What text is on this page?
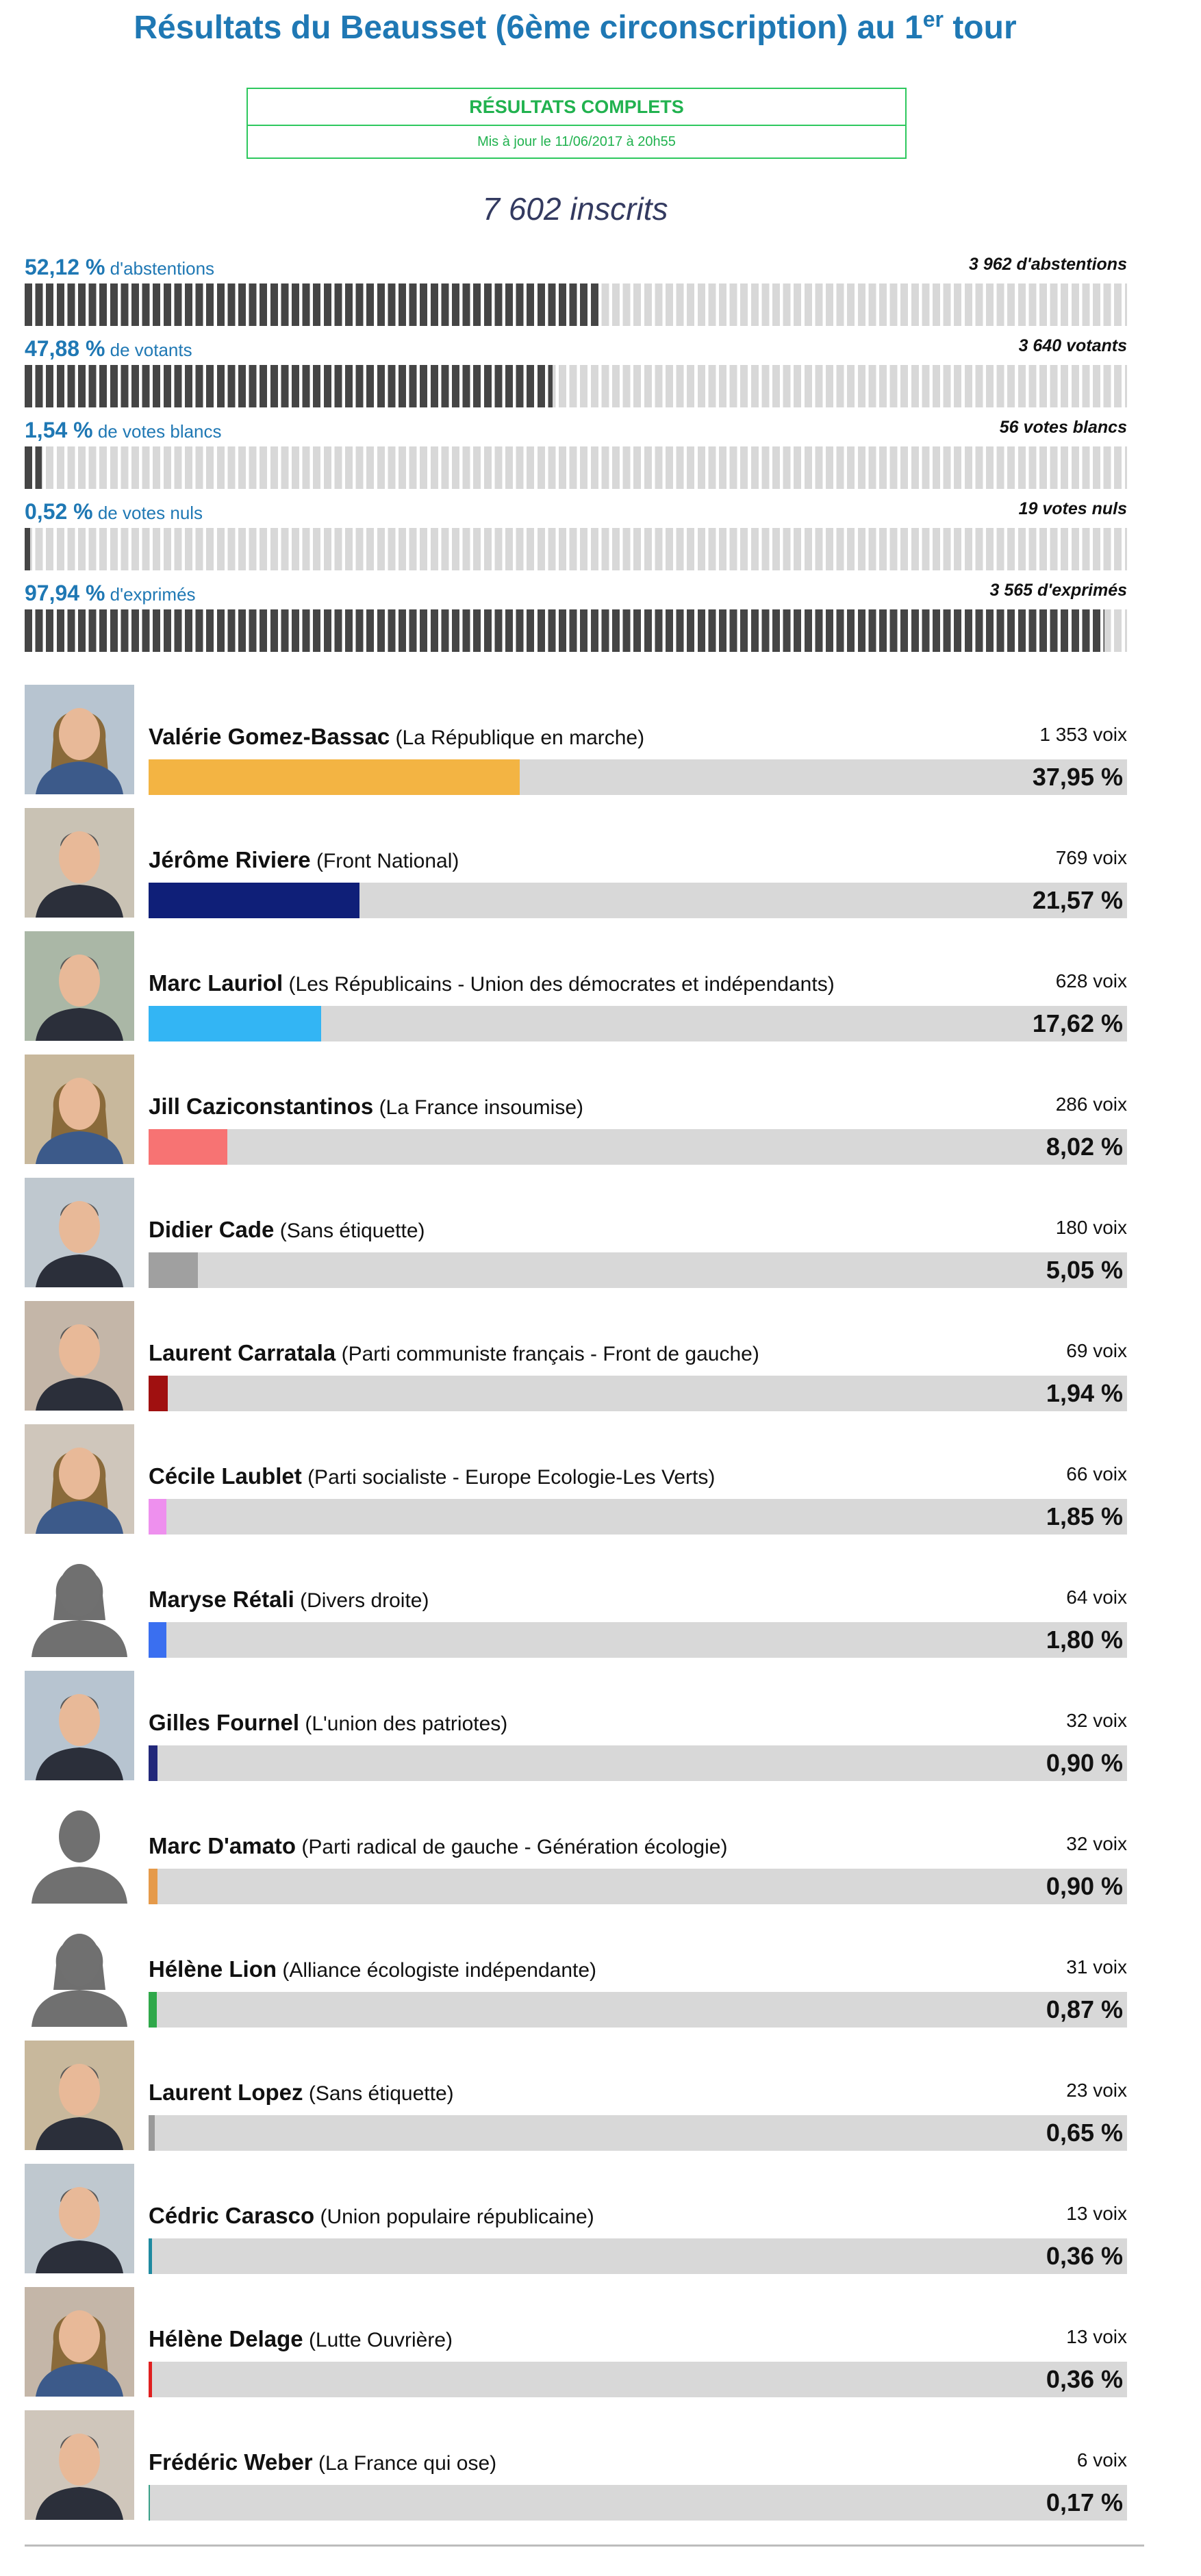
Résultats du Beausset (6ème circonscription) au 1er tour
RÉSULTATS COMPLETS
Mis à jour le 11/06/2017 à 20h55
7 602 inscrits
52,12 % d'abstentions	3 962 d'abstentions
47,88 % de votants	3 640 votants
1,54 % de votes blancs	56 votes blancs
0,52 % de votes nuls	19 votes nuls
97,94 % d'exprimés	3 565 d'exprimés
Valérie Gomez-Bassac (La République en marche)	1 353 voix
37,95 %
Jérôme Riviere (Front National)	769 voix
21,57 %
Marc Lauriol (Les Républicains - Union des démocrates et indépendants)	628 voix
17,62 %
Jill Caziconstantinos (La France insoumise)	286 voix
8,02 %
Didier Cade (Sans étiquette)	180 voix
5,05 %
Laurent Carratala (Parti communiste français - Front de gauche)	69 voix
1,94 %
Cécile Laublet (Parti socialiste - Europe Ecologie-Les Verts)	66 voix
1,85 %
Maryse Rétali (Divers droite)	64 voix
1,80 %
Gilles Fournel (L'union des patriotes)	32 voix
0,90 %
Marc D'amato (Parti radical de gauche - Génération écologie)	32 voix
0,90 %
Hélène Lion (Alliance écologiste indépendante)	31 voix
0,87 %
Laurent Lopez (Sans étiquette)	23 voix
0,65 %
Cédric Carasco (Union populaire républicaine)	13 voix
0,36 %
Hélène Delage (Lutte Ouvrière)	13 voix
0,36 %
Frédéric Weber (La France qui ose)	6 voix
0,17 %
